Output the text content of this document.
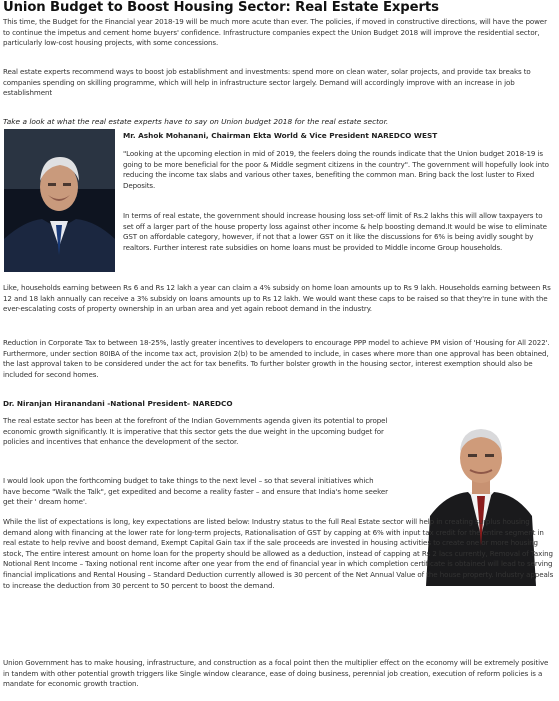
Union Budget to Boost Housing Sector: Real Estate Experts

This time, the Budget for the Financial year 2018-19 will be much more acute than ever. The policies, if moved in constructive directions, will have the power to continue the impetus and cement home buyers' confidence. Infrastructure companies expect the Union Budget 2018 will improve the residential sector, particularly low-cost housing projects, with some concessions.

Real estate experts recommend ways to boost job establishment and investments: spend more on clean water, solar projects, and provide tax breaks to companies spending on skilling programme, which will help in infrastructure sector largely. Demand will accordingly improve with an increase in job establishment

Take a look at what the real estate experts have to say on Union budget 2018 for the real estate sector.

Mr. Ashok Mohanani, Chairman Ekta World & Vice President NAREDCO WEST

"Looking at the upcoming election in mid of 2019, the feelers doing the rounds indicate that the Union budget 2018-19 is going to be more beneficial for the poor & Middle segment citizens in the country". The government will hopefully look into reducing the income tax slabs and various other taxes, benefiting the common man. Bring back the lost luster to Fixed Deposits.

In terms of real estate, the government should increase housing loss set-off limit of Rs.2 lakhs this will allow taxpayers to set off a larger part of the house property loss against other income & help boosting demand.It would be wise to eliminate GST on affordable category, however, if not that a lower GST on it like the discussions for 6% is being avidly sought by realtors. Further interest rate subsidies on home loans must be provided to Middle income Group households.

Like, households earning between Rs 6 and Rs 12 lakh a year can claim a 4% subsidy on home loan amounts up to Rs 9 lakh. Households earning between Rs 12 and 18 lakh annually can receive a 3% subsidy on loans amounts up to Rs 12 lakh. We would want these caps to be raised so that they're in tune with the ever-escalating costs of property ownership in an urban area and yet again reboot demand in the industry.

Reduction in Corporate Tax to between 18-25%, lastly greater incentives to developers to encourage PPP model to achieve PM vision of 'Housing for All 2022'. Furthermore, under section 80IBA of the income tax act, provision 2(b) to be amended to include, in cases where more than one approval has been obtained, the last approval taken to be considered under the act for tax benefits. To further bolster growth in the housing sector, interest exemption should also be included for second homes.

Dr. Niranjan Hiranandani -National President- NAREDCO

The real estate sector has been at the forefront of the Indian Governments agenda given its potential to propel economic growth significantly. It is imperative that this sector gets the due weight in the upcoming budget for policies and incentives that enhance the development of the sector.

I would look upon the forthcoming budget to take things to the next level – so that several initiatives which have become "Walk the Talk", get expedited and become a reality faster – and ensure that India's home seeker get their ' dream home'.

While the list of expectations is long, key expectations are listed below: Industry status to the full Real Estate sector will help in creating surplus housing demand along with financing at the lower rate for long-term projects, Rationalisation of GST by capping at 6% with input tax credit for the entire segment in real estate to help revive and boost demand, Exempt Capital Gain tax if the sale proceeds are invested in housing activities to create one or more housing stock, The entire interest amount on home loan for the property should be allowed as a deduction, instead of capping at Rs 2 lacs currently, Removal of Taxing Notional Rent Income – Taxing notional rent income after one year from the end of financial year in which completion certificate is obtained will lead to serving financial implications and Rental Housing – Standard Deduction currently allowed is 30 percent of the Net Annual Value of the house property. Industry appeals to increase the deduction from 30 percent to 50 percent to boost the demand.

Union Government has to make housing, infrastructure, and construction as a focal point then the multiplier effect on the economy will be extremely positive in tandem with other potential growth triggers like Single window clearance, ease of doing business, perennial job creation, execution of reform policies is a mandate for economic growth traction.
